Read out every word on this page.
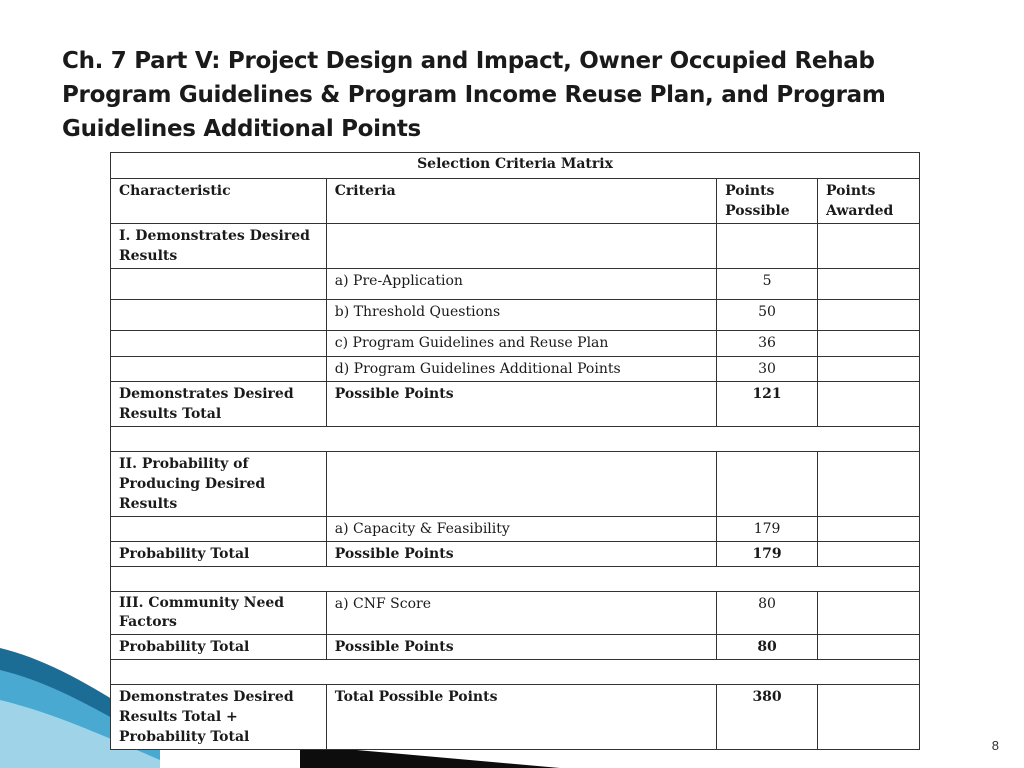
Ch. 7 Part V: Project Design and Impact, Owner Occupied Rehab Program Guidelines & Program Income Reuse Plan, and Program Guidelines Additional Points
Selection Criteria Matrix			
Characteristic	Criteria	Points Possible	Points Awarded
I. Demonstrates Desired Results			
	a) Pre-Application	5	
	b) Threshold Questions	50	
	c) Program Guidelines and Reuse Plan	36	
	d) Program Guidelines Additional Points	30	
Demonstrates Desired Results Total	Possible Points	121	

II. Probability of Producing Desired Results			
	a) Capacity & Feasibility	179	
Probability Total	Possible Points	179	

III. Community Need Factors	a) CNF Score	80	
Probability Total	Possible Points	80	

Demonstrates Desired Results Total + Probability Total	Total Possible Points	380	
8
